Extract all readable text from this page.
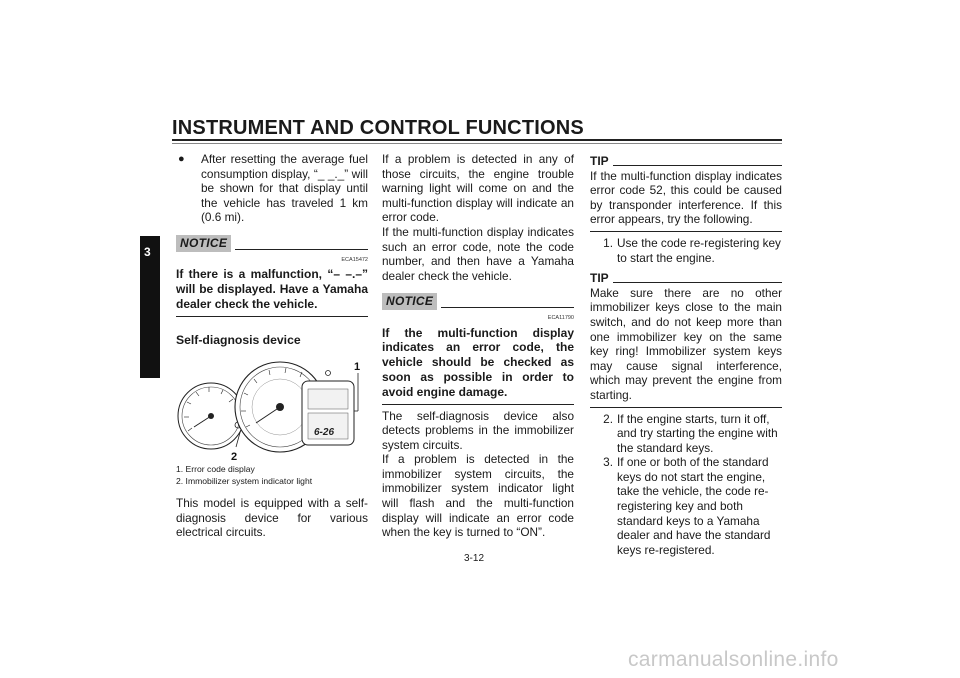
INSTRUMENT AND CONTROL FUNCTIONS
3
●	After resetting the average fuel consumption display, “_ _._” will be shown for that display until the vehicle has traveled 1 km (0.6 mi).

NOTICE
ECA15472
If there is a malfunction, “– –.–” will be displayed. Have a Yamaha dealer check the vehicle.
Self-diagnosis device
6-26
1
2
1. Error code display
2. Immobilizer system indicator light

This model is equipped with a self-diagnosis device for various electrical circuits.

If a problem is detected in any of those circuits, the engine trouble warning light will come on and the multi-function display will indicate an error code.

If the multi-function display indicates such an error code, note the code number, and then have a Yamaha dealer check the vehicle.

NOTICE
ECA11790
If the multi-function display indicates an error code, the vehicle should be checked as soon as possible in order to avoid engine damage.

The self-diagnosis device also detects problems in the immobilizer system circuits.

If a problem is detected in the immobilizer system circuits, the immobilizer system indicator light will flash and the multi-function display will indicate an error code when the key is turned to “ON”.

TIP

If the multi-function display indicates error code 52, this could be caused by transponder interference. If this error appears, try the following.

1. Use the code re-registering key to start the engine.
TIP

Make sure there are no other immobilizer keys close to the main switch, and do not keep more than one immobilizer key on the same key ring! Immobilizer system keys may cause signal interference, which may prevent the engine from starting.

2. If the engine starts, turn it off, and try starting the engine with the standard keys.
3. If one or both of the standard keys do not start the engine, take the vehicle, the code re-registering key and both standard keys to a Yamaha dealer and have the standard keys re-registered.
3-12
carmanualsonline.info
